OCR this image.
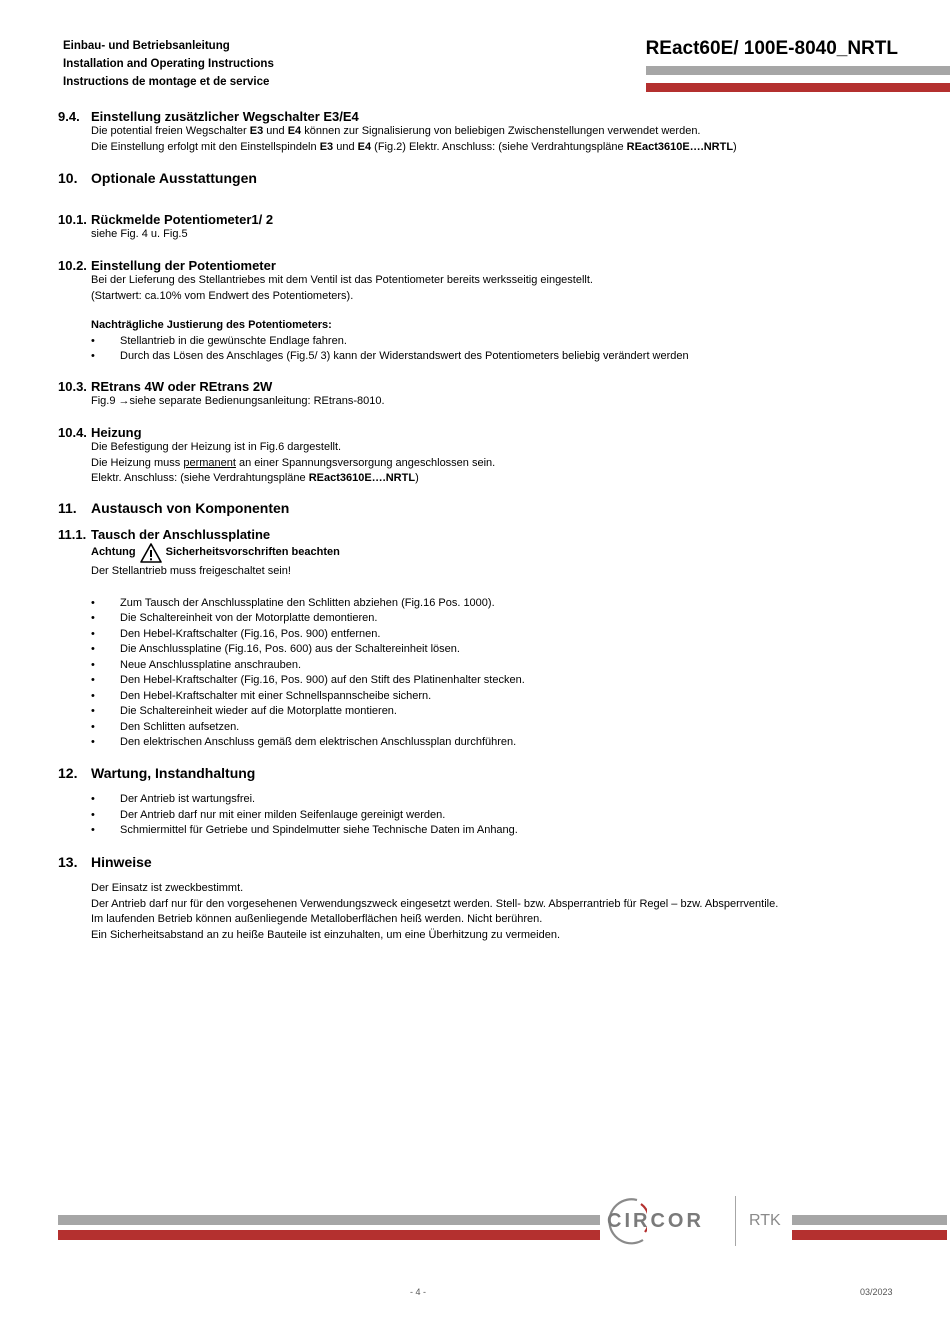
Einbau- und Betriebsanleitung
Installation and Operating Instructions
Instructions de montage et de service
REact60E/ 100E-8040_NRTL
9.4. Einstellung zusätzlicher Wegschalter E3/E4

Die potential freien Wegschalter E3 und E4 können zur Signalisierung von beliebigen Zwischenstellungen verwendet werden.

Die Einstellung erfolgt mit den Einstellspindeln E3 und E4 (Fig.2) Elektr. Anschluss: (siehe Verdrahtungspläne REact3610E….NRTL)

10. Optionale Ausstattungen
10.1. Rückmelde Potentiometer1/ 2

siehe Fig. 4 u. Fig.5

10.2. Einstellung der Potentiometer

Bei der Lieferung des Stellantriebes mit dem Ventil ist das Potentiometer bereits werksseitig eingestellt.

(Startwert: ca.10% vom Endwert des Potentiometers).

Nachträgliche Justierung des Potentiometers:

• Stellantrieb in die gewünschte Endlage fahren.
• Durch das Lösen des Anschlages (Fig.5/ 3) kann der Widerstandswert des Potentiometers beliebig verändert werden
10.3. REtrans 4W oder REtrans 2W

Fig.9 →siehe separate Bedienungsanleitung: REtrans-8010.

10.4. Heizung

Die Befestigung der Heizung ist in Fig.6 dargestellt.

Die Heizung muss permanent an einer Spannungsversorgung angeschlossen sein.

Elektr. Anschluss: (siehe Verdrahtungspläne REact3610E….NRTL)

11.	Austausch von Komponenten
11.1. Tausch der Anschlussplatine
Achtung	Sicherheitsvorschriften beachten

Der Stellantrieb muss freigeschaltet sein!

• Zum Tausch der Anschlussplatine den Schlitten abziehen (Fig.16 Pos. 1000).
• Die Schaltereinheit von der Motorplatte demontieren.
• Den Hebel-Kraftschalter (Fig.16, Pos. 900) entfernen.
• Die Anschlussplatine (Fig.16, Pos. 600) aus der Schaltereinheit lösen.
• Neue Anschlussplatine anschrauben.
• Den Hebel-Kraftschalter (Fig.16, Pos. 900) auf den Stift des Platinenhalter stecken.
• Den Hebel-Kraftschalter mit einer Schnellspannscheibe sichern.
• Die Schaltereinheit wieder auf die Motorplatte montieren.
• Den Schlitten aufsetzen.
• Den elektrischen Anschluss gemäß dem elektrischen Anschlussplan durchführen.
12. Wartung, Instandhaltung
• Der Antrieb ist wartungsfrei.
• Der Antrieb darf nur mit einer milden Seifenlauge gereinigt werden.
• Schmiermittel für Getriebe und Spindelmutter siehe Technische Daten im Anhang.
13. Hinweise

Der Einsatz ist zweckbestimmt.

Der Antrieb darf nur für den vorgesehenen Verwendungszweck eingesetzt werden. Stell- bzw. Absperrantrieb für Regel – bzw. Absperrventile.

Im laufenden Betrieb können außenliegende Metalloberflächen heiß werden. Nicht berühren.

Ein Sicherheitsabstand an zu heiße Bauteile ist einzuhalten, um eine Überhitzung zu vermeiden.

CIRCOR	RTK
- 4 -	03/2023
